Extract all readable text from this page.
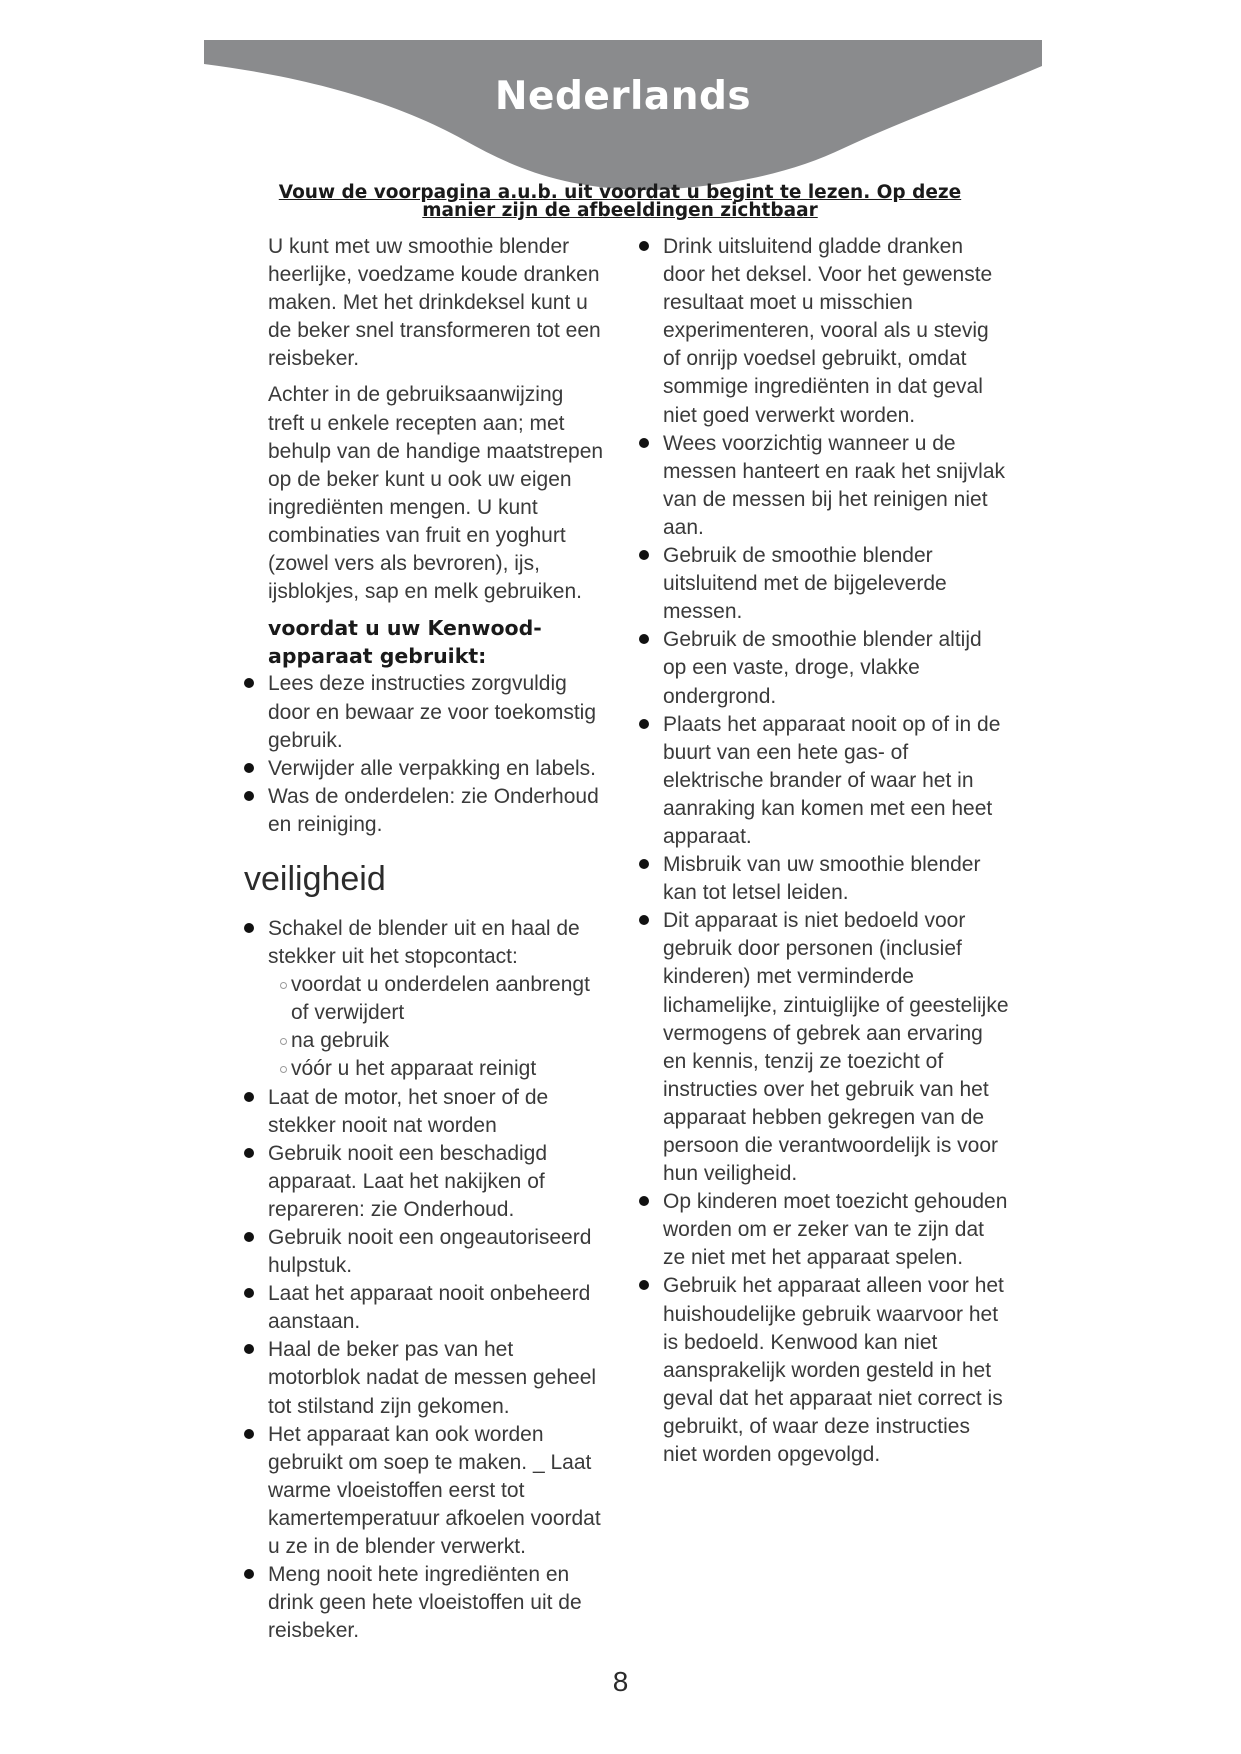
Nederlands
Vouw de voorpagina a.u.b. uit voordat u begint te lezen. Op deze manier zijn de afbeeldingen zichtbaar

U kunt met uw smoothie blender heerlijke, voedzame koude dranken maken. Met het drinkdeksel kunt u de beker snel transformeren tot een reisbeker.

Achter in de gebruiksaanwijzing treft u enkele recepten aan; met behulp van de handige maatstrepen op de beker kunt u ook uw eigen ingrediënten mengen. U kunt combinaties van fruit en yoghurt (zowel vers als bevroren), ijs, ijsblokjes, sap en melk gebruiken.

voordat u uw Kenwood-apparaat gebruikt:
Lees deze instructies zorgvuldig door en bewaar ze voor toekomstig gebruik.
Verwijder alle verpakking en labels.
Was de onderdelen: zie Onderhoud en reiniging.
veiligheid
Schakel de blender uit en haal de stekker uit het stopcontact:
voordat u onderdelen aanbrengt of verwijdert
na gebruik
vóór u het apparaat reinigt
Laat de motor, het snoer of de stekker nooit nat worden
Gebruik nooit een beschadigd apparaat. Laat het nakijken of repareren: zie Onderhoud.
Gebruik nooit een ongeautoriseerd hulpstuk.
Laat het apparaat nooit onbeheerd aanstaan.
Haal de beker pas van het motorblok nadat de messen geheel tot stilstand zijn gekomen.
Het apparaat kan ook worden gebruikt om soep te maken. _ Laat warme vloeistoffen eerst tot kamertemperatuur afkoelen voordat u ze in de blender verwerkt.
Meng nooit hete ingrediënten en drink geen hete vloeistoffen uit de reisbeker.
Drink uitsluitend gladde dranken door het deksel. Voor het gewenste resultaat moet u misschien experimenteren, vooral als u stevig of onrijp voedsel gebruikt, omdat sommige ingrediënten in dat geval niet goed verwerkt worden.
Wees voorzichtig wanneer u de messen hanteert en raak het snijvlak van de messen bij het reinigen niet aan.
Gebruik de smoothie blender uitsluitend met de bijgeleverde messen.
Gebruik de smoothie blender altijd op een vaste, droge, vlakke ondergrond.
Plaats het apparaat nooit op of in de buurt van een hete gas- of elektrische brander of waar het in aanraking kan komen met een heet apparaat.
Misbruik van uw smoothie blender kan tot letsel leiden.
Dit apparaat is niet bedoeld voor gebruik door personen (inclusief kinderen) met verminderde lichamelijke, zintuiglijke of geestelijke vermogens of gebrek aan ervaring en kennis, tenzij ze toezicht of instructies over het gebruik van het apparaat hebben gekregen van de persoon die verantwoordelijk is voor hun veiligheid.
Op kinderen moet toezicht gehouden worden om er zeker van te zijn dat ze niet met het apparaat spelen.
Gebruik het apparaat alleen voor het huishoudelijke gebruik waarvoor het is bedoeld. Kenwood kan niet aansprakelijk worden gesteld in het geval dat het apparaat niet correct is gebruikt, of waar deze instructies niet worden opgevolgd.
8
